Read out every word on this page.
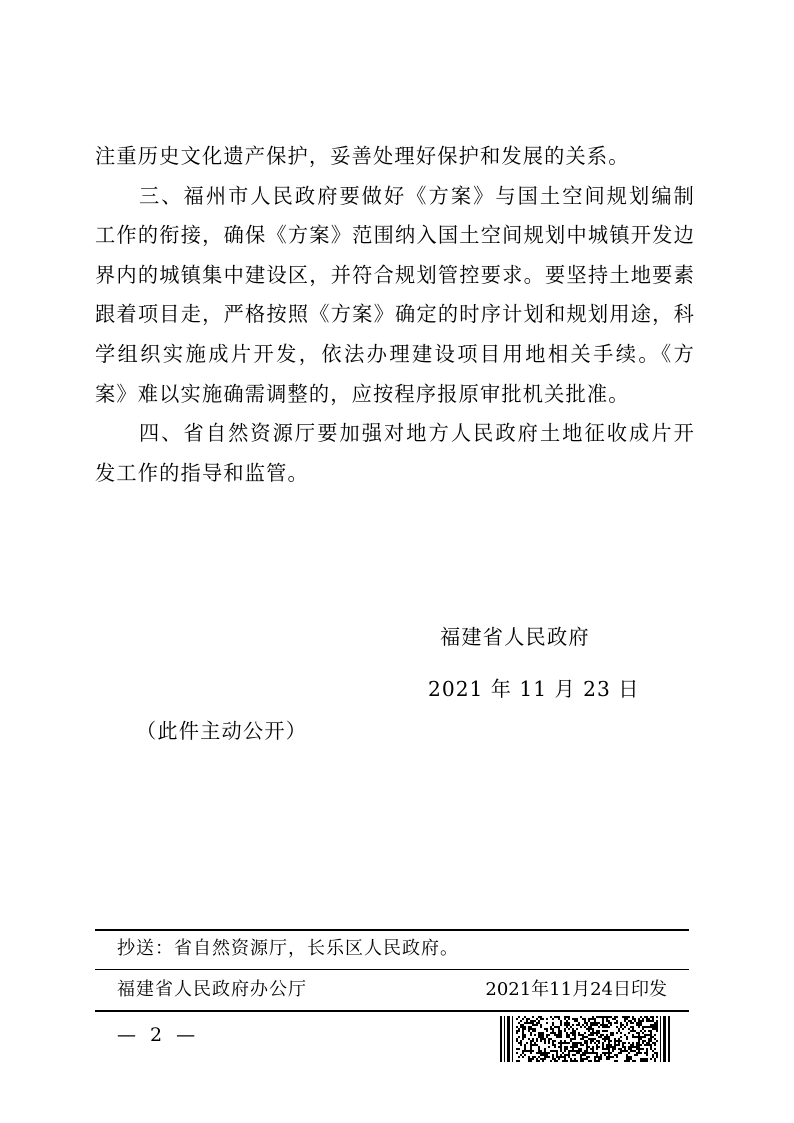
注重历史文化遗产保护，妥善处理好保护和发展的关系。

三、福州市人民政府要做好《方案》与国土空间规划编制工作的衔接，确保《方案》范围纳入国土空间规划中城镇开发边界内的城镇集中建设区，并符合规划管控要求。要坚持土地要素跟着项目走，严格按照《方案》确定的时序计划和规划用途，科学组织实施成片开发，依法办理建设项目用地相关手续。《方案》难以实施确需调整的，应按程序报原审批机关批准。

四、省自然资源厅要加强对地方人民政府土地征收成片开发工作的指导和监管。

福建省人民政府
2021 年 11 月 23 日
（此件主动公开）
抄送：省自然资源厅，长乐区人民政府。
福建省人民政府办公厅	2021年11月24日印发
— 2 —
